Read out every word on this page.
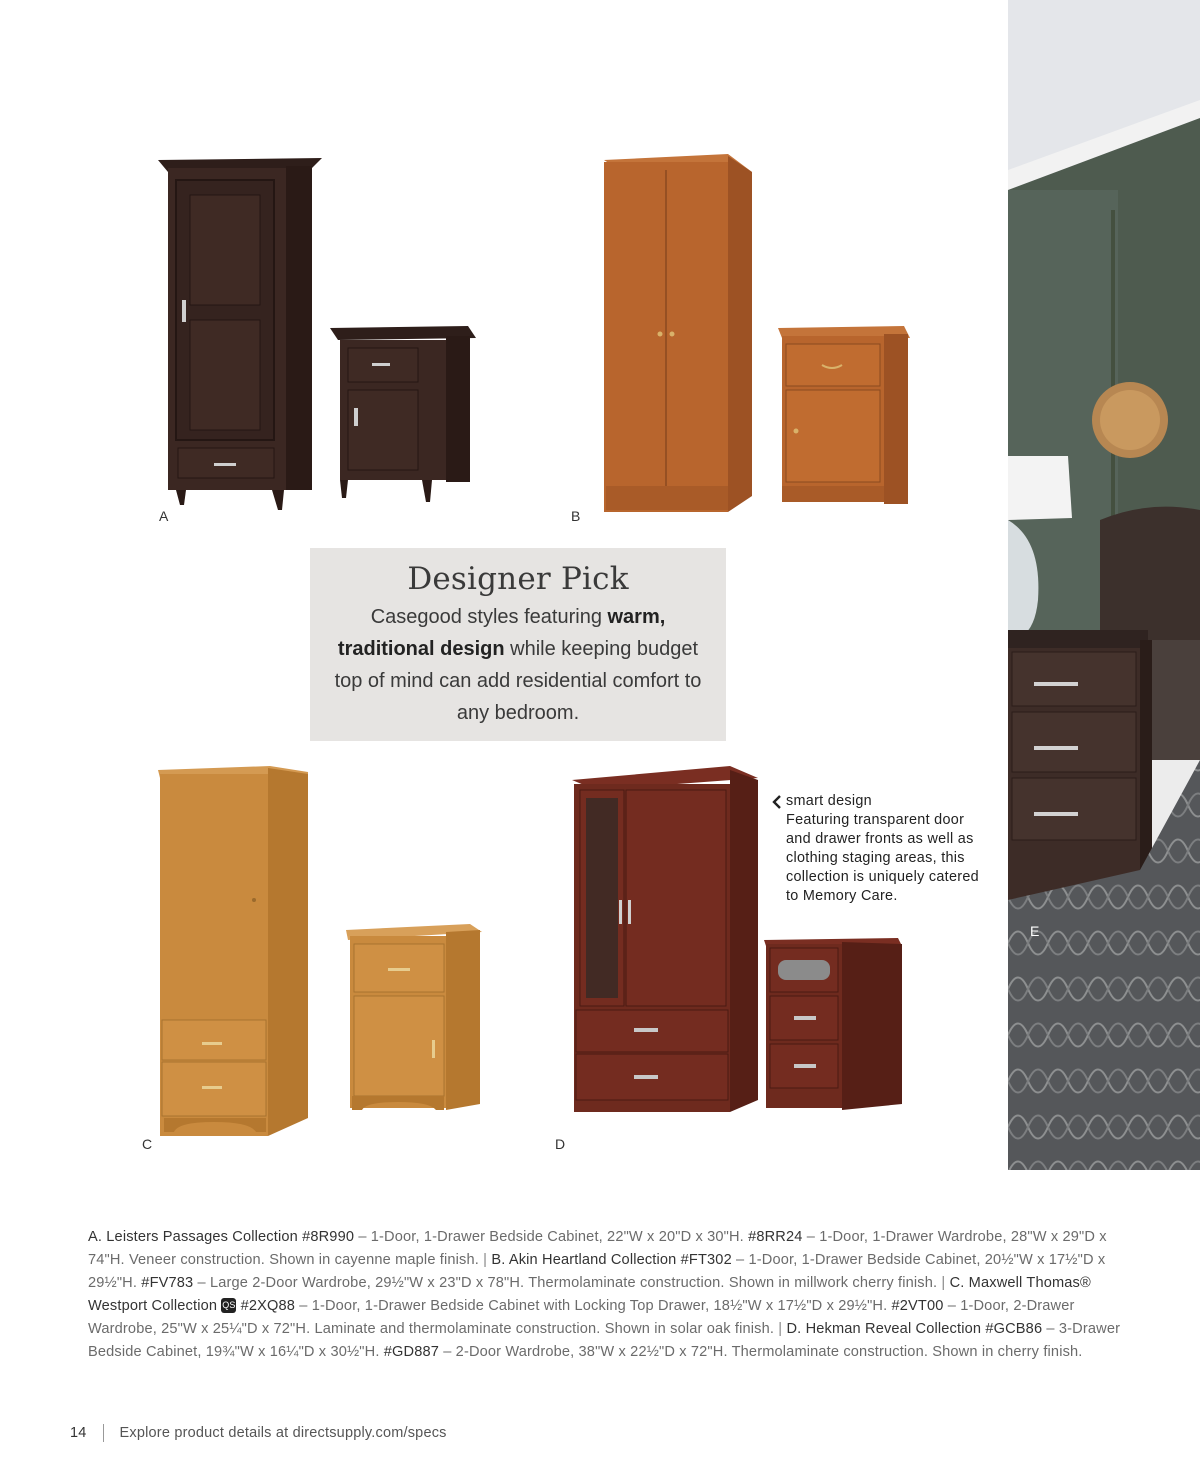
A	B
Designer Pick
Casegood styles featuring warm,
traditional design while keeping budget top of mind can add residential comfort to any bedroom.
C	D
smart design
Featuring transparent door and drawer fronts as well as clothing staging areas, this collection is uniquely catered to Memory Care.
E
A. Leisters Passages Collection #8R990 – 1-Door, 1-Drawer Bedside Cabinet, 22"W x 20"D x 30"H. #8RR24 – 1-Door, 1-Drawer Wardrobe, 28"W x 29"D x 74"H. Veneer construction. Shown in cayenne maple finish. | B. Akin Heartland Collection #FT302 – 1-Door, 1-Drawer Bedside Cabinet, 20½"W x 17½"D x 29½"H. #FV783 – Large 2-Door Wardrobe, 29½"W x 23"D x 78"H. Thermolaminate construction. Shown in millwork cherry finish. | C. Maxwell Thomas® Westport Collection QS #2XQ88 – 1-Door, 1-Drawer Bedside Cabinet with Locking Top Drawer, 18½"W x 17½"D x 29½"H. #2VT00 – 1-Door, 2-Drawer Wardrobe, 25"W x 25¼"D x 72"H. Laminate and thermolaminate construction. Shown in solar oak finish. | D. Hekman Reveal Collection #GCB86 – 3-Drawer Bedside Cabinet, 19¾"W x 16¼"D x 30½"H. #GD887 – 2-Door Wardrobe, 38"W x 22½"D x 72"H. Thermolaminate construction. Shown in cherry finish.
14 Explore product details at directsupply.com/specs
